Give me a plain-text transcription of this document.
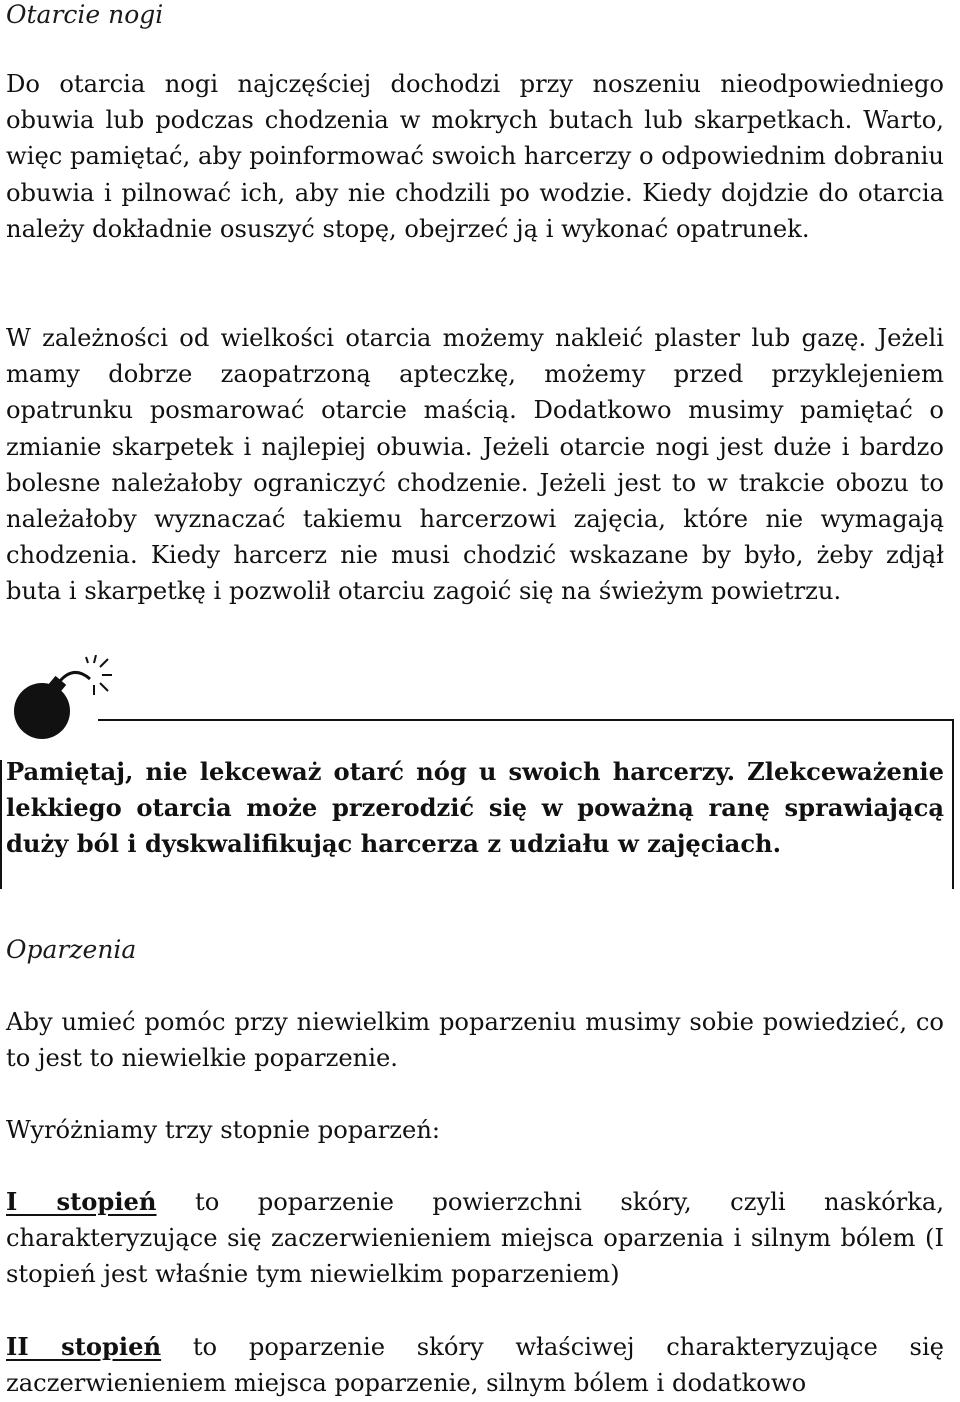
Otarcie nogi

Do otarcia nogi najczęściej dochodzi przy noszeniu nieodpowiedniego obuwia lub podczas chodzenia w mokrych butach lub skarpetkach. Warto, więc pamiętać, aby poinformować swoich harcerzy o odpowiednim dobraniu obuwia i pilnować ich, aby nie chodzili po wodzie. Kiedy dojdzie do otarcia należy dokładnie osuszyć stopę, obejrzeć ją i wykonać opatrunek.

W zależności od wielkości otarcia możemy nakleić plaster lub gazę. Jeżeli mamy dobrze zaopatrzoną apteczkę, możemy przed przyklejeniem opatrunku posmarować otarcie maścią. Dodatkowo musimy pamiętać o zmianie skarpetek i najlepiej obuwia. Jeżeli otarcie nogi jest duże i bardzo bolesne należałoby ograniczyć chodzenie. Jeżeli jest to w trakcie obozu to należałoby wyznaczać takiemu harcerzowi zajęcia, które nie wymagają chodzenia. Kiedy harcerz nie musi chodzić wskazane by było, żeby zdjął buta i skarpetkę i pozwolił otarciu zagoić się na świeżym powietrzu.

Pamiętaj, nie lekceważ otarć nóg u swoich harcerzy. Zlekceważenie lekkiego otarcia może przerodzić się w poważną ranę sprawiającą duży ból i dyskwalifikując harcerza z udziału w zajęciach.

Oparzenia

Aby umieć pomóc przy niewielkim poparzeniu musimy sobie powiedzieć, co to jest to niewielkie poparzenie.

Wyróżniamy trzy stopnie poparzeń:

I stopień to poparzenie powierzchni skóry, czyli naskórka, charakteryzujące się zaczerwienieniem miejsca oparzenia i silnym bólem (I stopień jest właśnie tym niewielkim poparzeniem)

II stopień to poparzenie skóry właściwej charakteryzujące się zaczerwienieniem miejsca poparzenie, silnym bólem i dodatkowo
